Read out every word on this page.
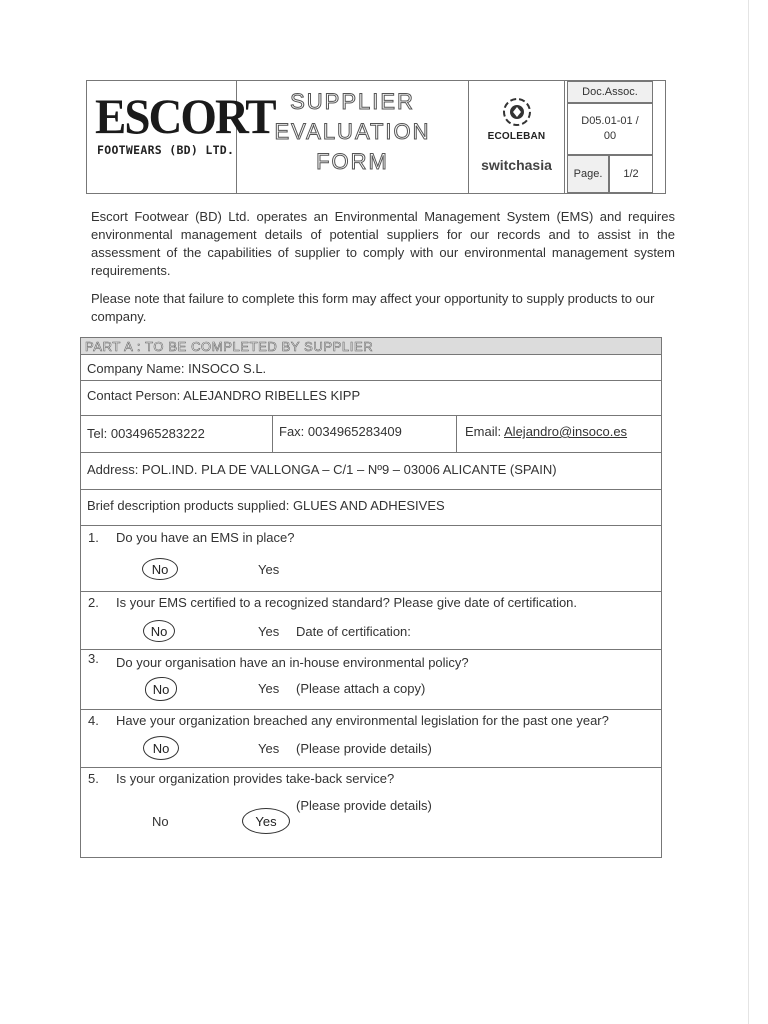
ESCORT
FOOTWEARS (BD) LTD.
SUPPLIER
EVALUATION
FORM
ECOLEBAN
switchasia
Doc.Assoc.
D05.01-01 / 00
Page.	1/2
Escort Footwear (BD) Ltd. operates an Environmental Management System (EMS) and requires environmental management details of potential suppliers for our records and to assist in the assessment of the capabilities of supplier to comply with our environmental management system requirements.
Please note that failure to complete this form may affect your opportunity to supply products to our company.
PART A : TO BE COMPLETED BY SUPPLIER
Company Name: INSOCO S.L.
Contact Person: ALEJANDRO RIBELLES KIPP
Tel: 0034965283222	Fax: 0034965283409	Email: Alejandro@insoco.es
Address: POL.IND. PLA DE VALLONGA – C/1 – Nº9 – 03006 ALICANTE (SPAIN)
Brief description products supplied: GLUES AND ADHESIVES
1. Do you have an EMS in place?
No	Yes
2. Is your EMS certified to a recognized standard? Please give date of certification.
No	Yes Date of certification:
3. Do your organisation have an in-house environmental policy?
No	Yes (Please attach a copy)
4. Have your organization breached any environmental legislation for the past one year?
No	Yes (Please provide details)
5. Is your organization provides take-back service?
(Please provide details)
No	Yes
